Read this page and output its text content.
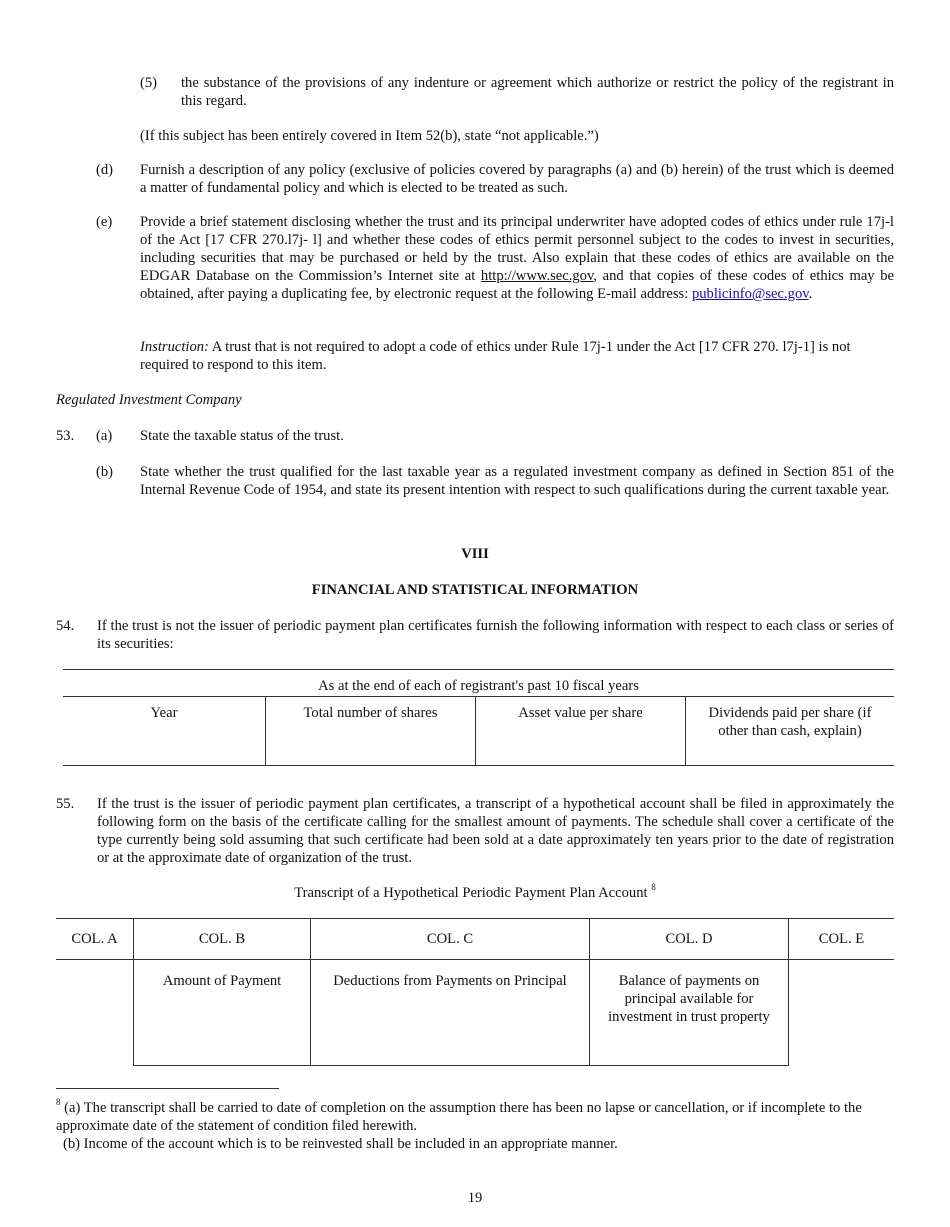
(5) the substance of the provisions of any indenture or agreement which authorize or restrict the policy of the registrant in this regard.
(If this subject has been entirely covered in Item 52(b), state “not applicable.”)
(d) Furnish a description of any policy (exclusive of policies covered by paragraphs (a) and (b) herein) of the trust which is deemed a matter of fundamental policy and which is elected to be treated as such.
(e) Provide a brief statement disclosing whether the trust and its principal underwriter have adopted codes of ethics under rule 17j-l of the Act [17 CFR 270.l7j- l] and whether these codes of ethics permit personnel subject to the codes to invest in securities, including securities that may be purchased or held by the trust. Also explain that these codes of ethics are available on the EDGAR Database on the Commission’s Internet site at http://www.sec.gov, and that copies of these codes of ethics may be obtained, after paying a duplicating fee, by electronic request at the following E-mail address: publicinfo@sec.gov.
Instruction: A trust that is not required to adopt a code of ethics under Rule 17j-1 under the Act [17 CFR 270. l7j-1] is not required to respond to this item.
Regulated Investment Company
53. (a) State the taxable status of the trust.
(b) State whether the trust qualified for the last taxable year as a regulated investment company as defined in Section 851 of the Internal Revenue Code of 1954, and state its present intention with respect to such qualifications during the current taxable year.
VIII
FINANCIAL AND STATISTICAL INFORMATION
54. If the trust is not the issuer of periodic payment plan certificates furnish the following information with respect to each class or series of its securities:
As at the end of each of registrant's past 10 fiscal years
Year	Total number of shares	Asset value per share	Dividends paid per share (if other than cash, explain)
55. If the trust is the issuer of periodic payment plan certificates, a transcript of a hypothetical account shall be filed in approximately the following form on the basis of the certificate calling for the smallest amount of payments. The schedule shall cover a certificate of the type currently being sold assuming that such certificate had been sold at a date approximately ten years prior to the date of registration or at the approximate date of organization of the trust.
Transcript of a Hypothetical Periodic Payment Plan Account $^8$
COL. A	COL. B	COL. C	COL. D	COL. E
	Amount of Payment	Deductions from Payments on Principal	Balance of payments on principal available for investment in trust property	
$^8$ (a) The transcript shall be carried to date of completion on the assumption there has been no lapse or cancellation, or if incomplete to the approximate date of the statement of condition filed herewith.
(b) Income of the account which is to be reinvested shall be included in an appropriate manner.
19
